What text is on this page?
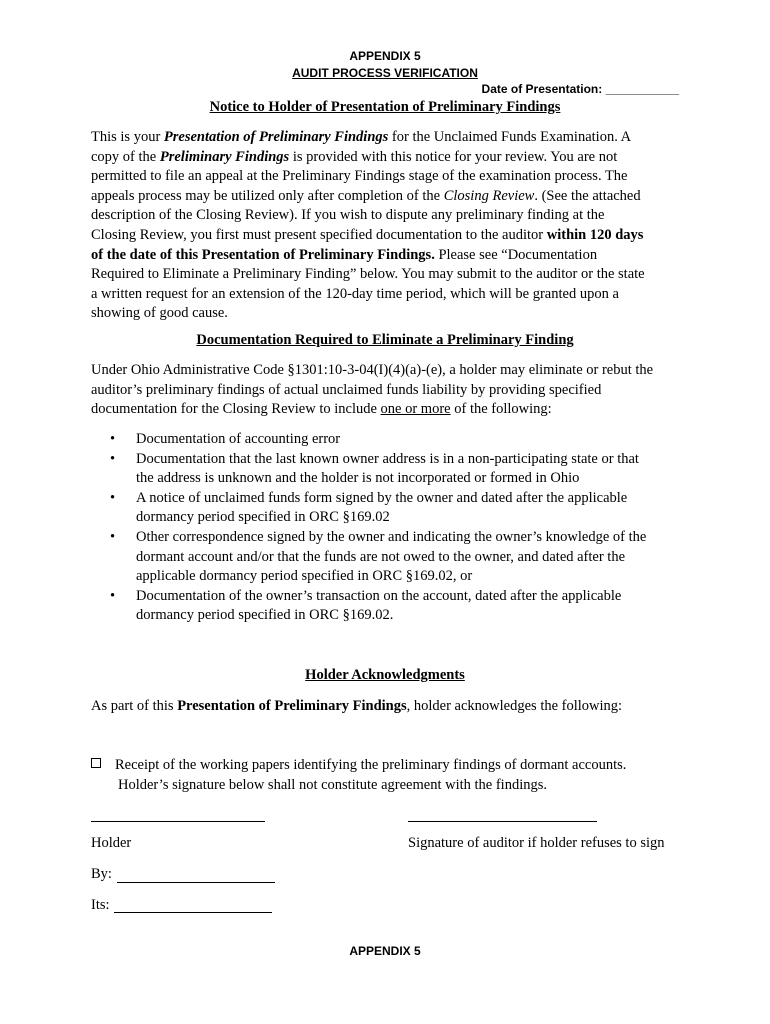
APPENDIX 5
AUDIT PROCESS VERIFICATION
Date of Presentation: ___________
Notice to Holder of Presentation of Preliminary Findings
This is your Presentation of Preliminary Findings for the Unclaimed Funds Examination. A
copy of the Preliminary Findings is provided with this notice for your review. You are not
permitted to file an appeal at the Preliminary Findings stage of the examination process. The
appeals process may be utilized only after completion of the Closing Review. (See the attached
description of the Closing Review). If you wish to dispute any preliminary finding at the
Closing Review, you first must present specified documentation to the auditor within 120 days
of the date of this Presentation of Preliminary Findings. Please see “Documentation
Required to Eliminate a Preliminary Finding” below. You may submit to the auditor or the state
a written request for an extension of the 120-day time period, which will be granted upon a
showing of good cause.
Documentation Required to Eliminate a Preliminary Finding
Under Ohio Administrative Code §1301:10-3-04(I)(4)(a)-(e), a holder may eliminate or rebut the
auditor’s preliminary findings of actual unclaimed funds liability by providing specified
documentation for the Closing Review to include one or more of the following:
• Documentation of accounting error
• Documentation that the last known owner address is in a non-participating state or that
the address is unknown and the holder is not incorporated or formed in Ohio
• A notice of unclaimed funds form signed by the owner and dated after the applicable
dormancy period specified in ORC §169.02
• Other correspondence signed by the owner and indicating the owner’s knowledge of the
dormant account and/or that the funds are not owed to the owner, and dated after the
applicable dormancy period specified in ORC §169.02, or
• Documentation of the owner’s transaction on the account, dated after the applicable
dormancy period specified in ORC §169.02.
Holder Acknowledgments
As part of this Presentation of Preliminary Findings, holder acknowledges the following:
Receipt of the working papers identifying the preliminary findings of dormant accounts.
Holder’s signature below shall not constitute agreement with the findings.
Holder	Signature of auditor if holder refuses to sign
By:
Its:
APPENDIX 5
